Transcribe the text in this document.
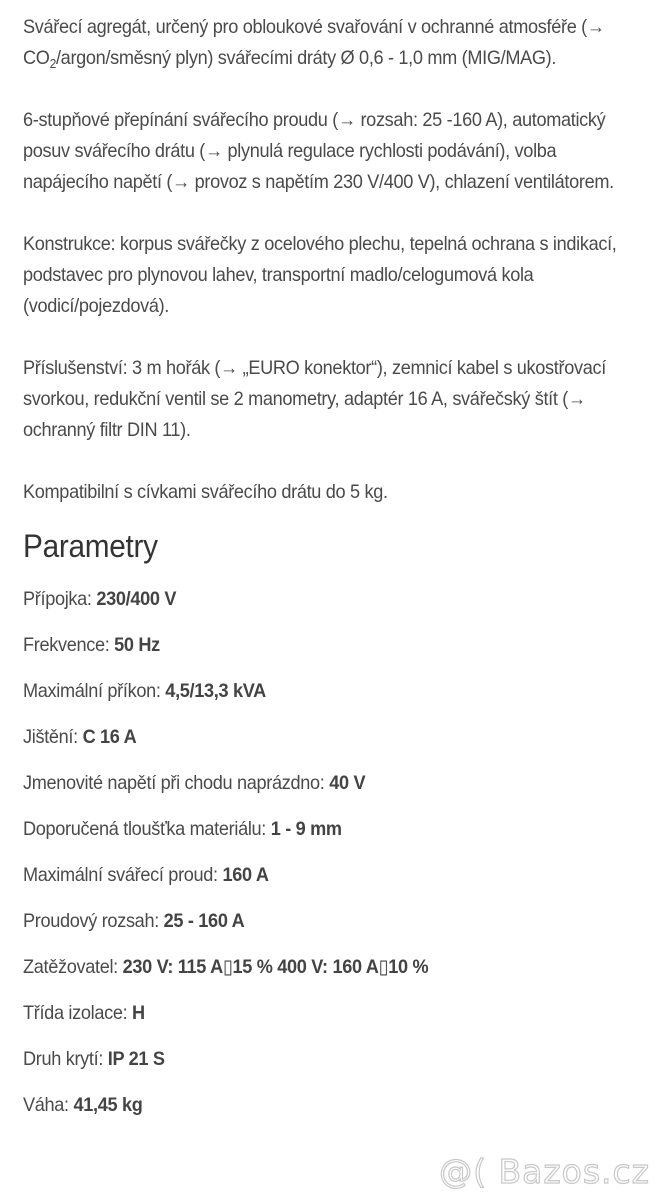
Svářecí agregát, určený pro obloukové svařování v ochranné atmosféře (→ $CO_2/argon$/směsný plyn) svářecími dráty Ø 0,6 - 1,0 mm (MIG/MAG).

6-stupňové přepínání svářecího proudu (→ rozsah: 25 -160 A), automatický posuv svářecího drátu (→ plynulá regulace rychlosti podávání), volba napájecího napětí (→ provoz s napětím 230 V/400 V), chlazení ventilátorem.

Konstrukce: korpus svářečky z ocelového plechu, tepelná ochrana s indikací, podstavec pro plynovou lahev, transportní madlo/celogumová kola (vodicí/pojezdová).

Příslušenství: 3 m hořák (→ „EURO konektor“), zemnicí kabel s ukostřovací svorkou, redukční ventil se 2 manometry, adaptér 16 A, svářečský štít (→ ochranný filtr DIN 11).

Kompatibilní s cívkami svářecího drátu do 5 kg.

Parametry
Přípojka: 230/400 V
Frekvence: 50 Hz
Maximální příkon: 4,5/13,3 kVA
Jištění: C 16 A
Jmenovité napětí při chodu naprázdno: 40 V
Doporučená tloušťka materiálu: 1 - 9 mm
Maximální svářecí proud: 160 A
Proudový rozsah: 25 - 160 A
Zatěžovatel: 230 V: 115 A▯15 % 400 V: 160 A▯10 %
Třída izolace: H
Druh krytí: IP 21 S
Váha: 41,45 kg
@( Bazos.cz
